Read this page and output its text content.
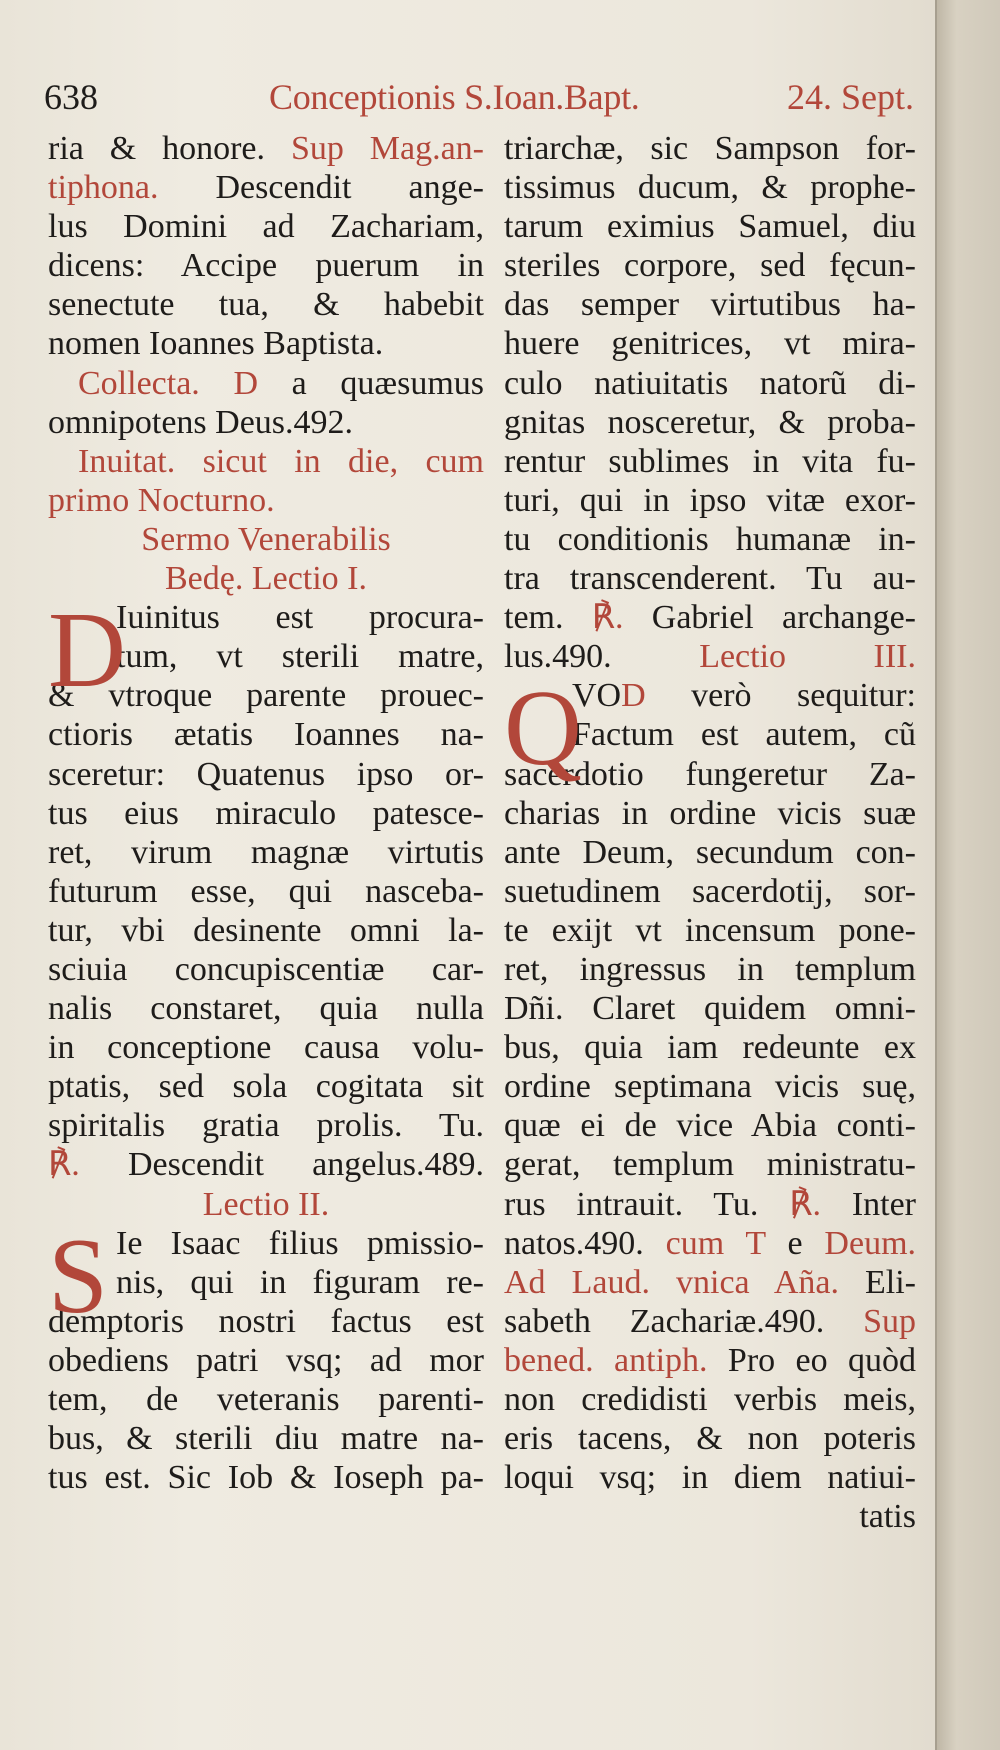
638	Conceptionis S.Ioan.Bapt.	24. Sept.
ria & honore. Sup Mag.an-
tiphona. Descendit ange-
lus Domini ad Zachariam,
dicens: Accipe puerum in
senectute tua, & habebit
nomen Ioannes Baptista.
Collecta. D a quæsumus
omnipotens Deus.492.
Inuitat. sicut in die, cum
primo Nocturno.
Sermo Venerabilis
Bedę. Lectio I.
D
Iuinitus est procura-
tum, vt sterili matre,
& vtroque parente prouec-
ctioris ætatis Ioannes na-
sceretur: Quatenus ipso or-
tus eius miraculo patesce-
ret, virum magnæ virtutis
futurum esse, qui nascebа-
tur, vbi desinente omni la-
sciuia concupiscentiæ car-
nalis constaret, quia nulla
in conceptione causa volu-
ptatis, sed sola cogitata sit
spiritalis gratia prolis. Tu.
℟. Descendit angelus.489.
Lectio II.
S Ie Isaac filius pmissio-
nis, qui in figuram re-
demptoris nostri factus est
obediens patri vsq; ad mor
tem, de veteranis parenti-
bus, & sterili diu matre na-
tus est. Sic Iob & Ioseph pa-
triarchæ, sic Sampson for-
tissimus ducum, & prophe-
tarum eximius Samuel, diu
steriles corpore, sed fęcun-
das semper virtutibus ha-
huere genitrices, vt mira-
culo natiuitatis natorũ di-
gnitas nosceretur, & proba-
rentur sublimes in vita fu-
turi, qui in ipso vitæ exor-
tu conditionis humanæ in-
tra transcenderent. Tu au-
tem. ℟. Gabriel archange-
lus.490. Lectio III.
Q
VOD verò sequitur:
Factum est autem, cũ
sacerdotio fungeretur Za-
charias in ordine vicis suæ
ante Deum, secundum con-
suetudinem sacerdotij, sor-
te exijt vt incensum pone-
ret, ingressus in templum
Dñi. Claret quidem omni-
bus, quia iam redeunte ex
ordine septimana vicis suę,
quæ ei de vice Abia conti-
gerat, templum ministratu-
rus intrauit. Tu. ℟. Inter
natos.490. cum T e Deum.
Ad Laud. vnica Aña. Eli-
sabeth Zachariæ.490. Sup
bened. antiph. Pro eo quòd
non credidisti verbis meis,
eris tacens, & non poteris
loqui vsq; in diem natiui-
tatis
